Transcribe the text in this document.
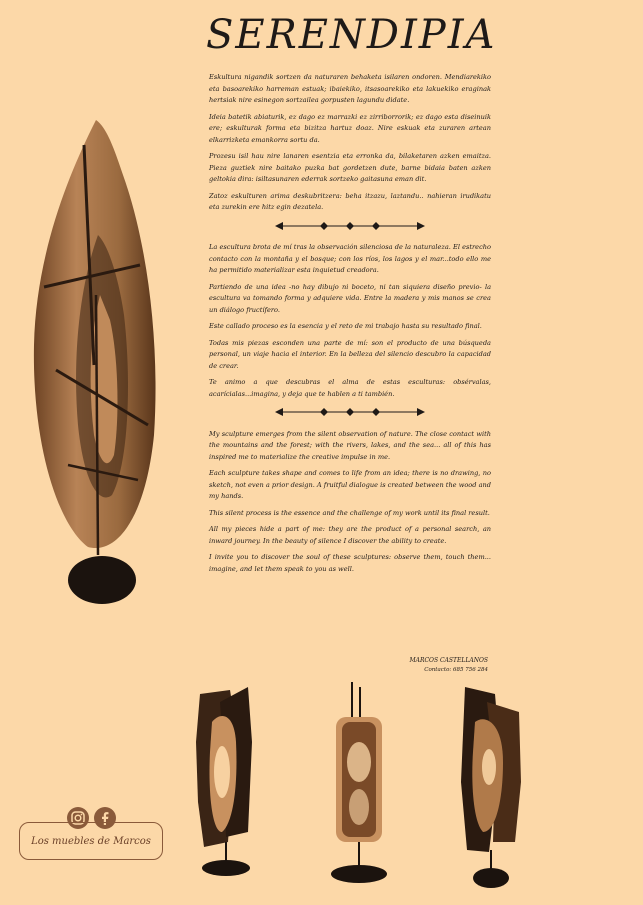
SERENDIPIA

Eskultura nigandik sortzen da naturaren behaketa isilaren ondoren. Mendiarekiko eta basoarekiko harreman estuak; ibaiekiko, itsasoarekiko eta lakuekiko eraginak hertsiak nire esinegon sortzailea gorpusten lagundu didate.

Ideia batetik abiaturik, ez dago ez marrazki ez zirriborrorik; ez dago esta diseinuik ere; eskulturak forma eta bizitza hartuz doaz. Nire eskuak eta zuraren artean elkarrizketa emankorra sortu da.

Prozesu isil hau nire lanaren esentzia eta erronka da, bilaketaren azken emaitza. Pieza guztiek nire baitako puzka bat gordetzen dute, barne bidaia baten azken geltokia dira: isiltasunaren ederrak sortzeko gaitasuna eman dit.

Zatoz eskulturen arima deskubritzera: beha itzazu, laztandu.. nahieran irudikatu eta zurekin ere hitz egin dezatela.

La escultura brota de mí tras la observación silenciosa de la naturaleza. El estrecho contacto con la montaña y el bosque; con los ríos, los lagos y el mar...todo ello me ha permitido materializar esta inquietud creadora.

Partiendo de una idea -no hay dibujo ni boceto, ni tan siquiera diseño previo- la escultura va tomando forma y adquiere vida. Entre la madera y mis manos se crea un diálogo fructífero.

Este callado proceso es la esencia y el reto de mi trabajo hasta su resultado final.

Todas mis piezas esconden una parte de mí: son el producto de una búsqueda personal, un viaje hacia el interior. En la belleza del silencio descubro la capacidad de crear.

Te animo a que descubras el alma de estas esculturas: obsérvalas, acarícialas...imagina, y deja que te hablen a ti también.

My sculpture emerges from the silent observation of nature. The close contact with the mountains and the forest; with the rivers, lakes, and the sea... all of this has inspired me to materialize the creative impulse in me.

Each sculpture takes shape and comes to life from an idea; there is no drawing, no sketch, not even a prior design. A fruitful dialogue is created between the wood and my hands.

This silent process is the essence and the challenge of my work until its final result.

All my pieces hide a part of me: they are the product of a personal search, an inward journey. In the beauty of silence I discover the ability to create.

I invite you to discover the soul of these sculptures: observe them, touch them... imagine, and let them speak to you as well.

MARCOS CASTELLANOS
Contacto: 685 756 284
Los muebles de Marcos
